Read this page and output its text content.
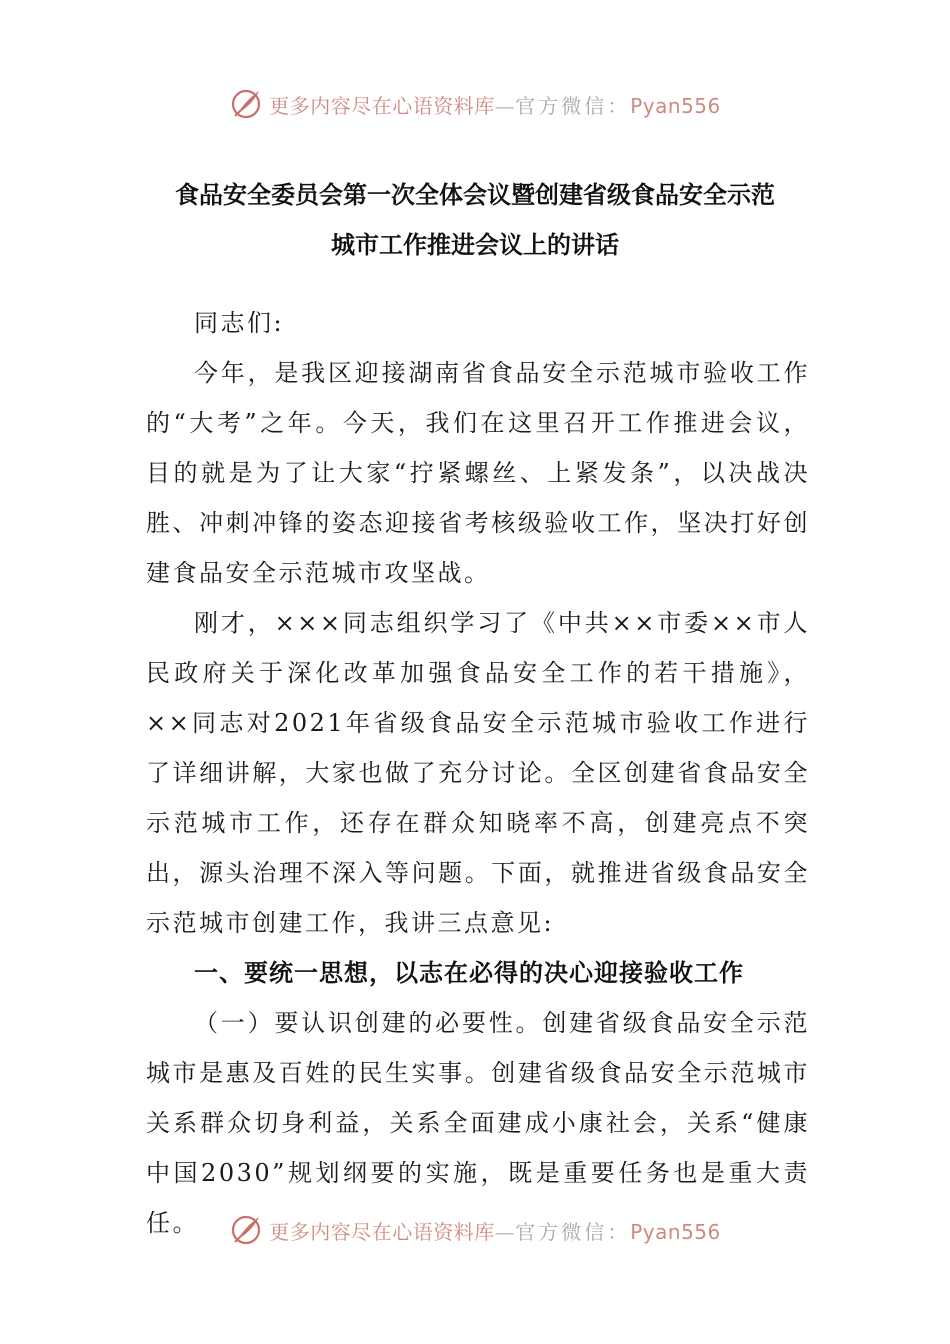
更多内容尽在心语资料库—官方微信：Pyan556
食品安全委员会第一次全体会议暨创建省级食品安全示范
城市工作推进会议上的讲话

同志们:

今年，是我区迎接湖南省食品安全示范城市验收工作的“大考”之年。今天，我们在这里召开工作推进会议，目的就是为了让大家“拧紧螺丝、上紧发条”，以决战决胜、冲刺冲锋的姿态迎接省考核级验收工作，坚决打好创建食品安全示范城市攻坚战。

刚才，×××同志组织学习了《中共××市委××市人民政府关于深化改革加强食品安全工作的若干措施》，××同志对2021年省级食品安全示范城市验收工作进行了详细讲解，大家也做了充分讨论。全区创建省食品安全示范城市工作，还存在群众知晓率不高，创建亮点不突出，源头治理不深入等问题。下面，就推进省级食品安全示范城市创建工作，我讲三点意见:

一、要统一思想，以志在必得的决心迎接验收工作

（一）要认识创建的必要性。创建省级食品安全示范城市是惠及百姓的民生实事。创建省级食品安全示范城市关系群众切身利益，关系全面建成小康社会，关系“健康中国2030”规划纲要的实施，既是重要任务也是重大责任。	更多内容尽在心语资料库—官方微信：Pyan556
